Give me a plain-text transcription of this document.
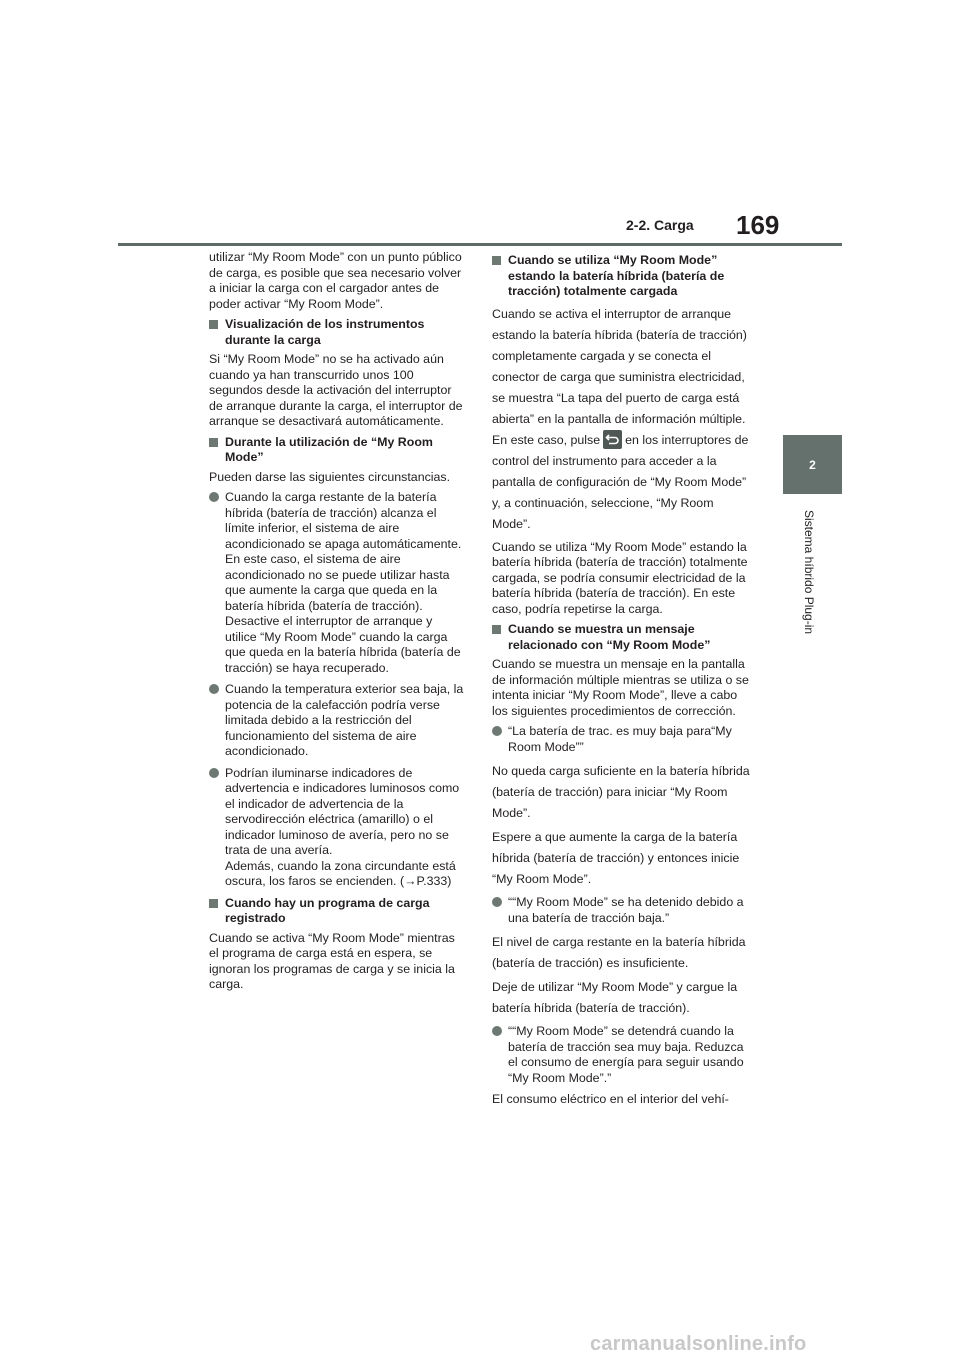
2-2. Carga 169
2
Sistema híbrido Plug-in

utilizar “My Room Mode” con un punto público de carga, es posible que sea necesario volver a iniciar la carga con el cargador antes de poder activar “My Room Mode”.

Visualización de los instrumentos durante la carga

Si “My Room Mode” no se ha activado aún cuando ya han transcurrido unos 100 segundos desde la activación del interruptor de arranque durante la carga, el interruptor de arranque se desactivará automáticamente.

Durante la utilización de “My Room Mode”

Pueden darse las siguientes circunstancias.

Cuando la carga restante de la batería híbrida (batería de tracción) alcanza el límite inferior, el sistema de aire acondicionado se apaga automáticamente.
En este caso, el sistema de aire acondicionado no se puede utilizar hasta que aumente la carga que queda en la batería híbrida (batería de tracción). Desactive el interruptor de arranque y utilice “My Room Mode” cuando la carga que queda en la batería híbrida (batería de tracción) se haya recuperado.
Cuando la temperatura exterior sea baja, la potencia de la calefacción podría verse limitada debido a la restricción del funcionamiento del sistema de aire acondicionado.
Podrían iluminarse indicadores de advertencia e indicadores luminosos como el indicador de advertencia de la servodirección eléctrica (amarillo) o el indicador luminoso de avería, pero no se trata de una avería.
Además, cuando la zona circundante está oscura, los faros se encienden. (→P.333)
Cuando hay un programa de carga registrado

Cuando se activa “My Room Mode” mientras el programa de carga está en espera, se ignoran los programas de carga y se inicia la carga.

Cuando se utiliza “My Room Mode” estando la batería híbrida (batería de tracción) totalmente cargada

Cuando se activa el interruptor de arranque estando la batería híbrida (batería de tracción) completamente cargada y se conecta el conector de carga que suministra electricidad, se muestra “La tapa del puerto de carga está abierta” en la pantalla de información múltiple. En este caso, pulse en los interruptores de control del instrumento para acceder a la pantalla de configuración de “My Room Mode” y, a continuación, seleccione, “My Room Mode”.

Cuando se utiliza “My Room Mode” estando la batería híbrida (batería de tracción) totalmente cargada, se podría consumir electricidad de la batería híbrida (batería de tracción). En este caso, podría repetirse la carga.

Cuando se muestra un mensaje relacionado con “My Room Mode”

Cuando se muestra un mensaje en la pantalla de información múltiple mientras se utiliza o se intenta iniciar “My Room Mode”, lleve a cabo los siguientes procedimientos de corrección.

“La batería de trac. es muy baja para“My Room Mode””

No queda carga suficiente en la batería híbrida (batería de tracción) para iniciar “My Room Mode”.

Espere a que aumente la carga de la batería híbrida (batería de tracción) y entonces inicie “My Room Mode”.

““My Room Mode” se ha detenido debido a una batería de tracción baja.”

El nivel de carga restante en la batería híbrida (batería de tracción) es insuficiente.

Deje de utilizar “My Room Mode” y cargue la batería híbrida (batería de tracción).

““My Room Mode” se detendrá cuando la batería de tracción sea muy baja. Reduzca el consumo de energía para seguir usando “My Room Mode”.”

El consumo eléctrico en el interior del vehí-

carmanualsonline.info
